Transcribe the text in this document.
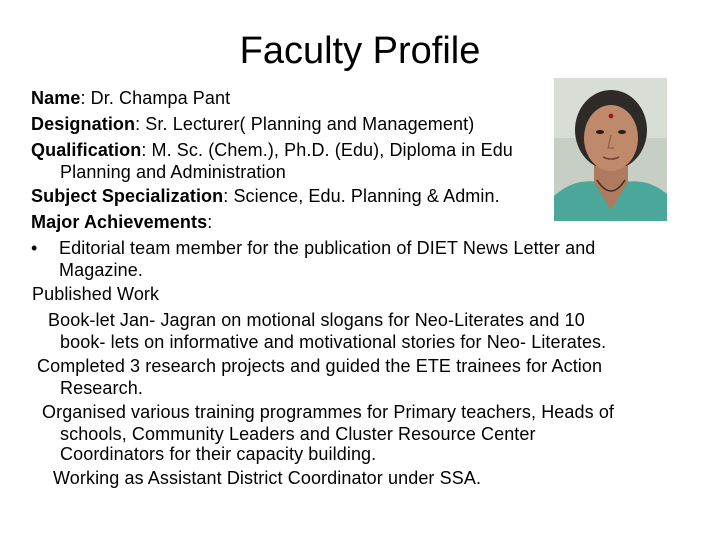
Faculty Profile

Name: Dr. Champa Pant

Designation: Sr. Lecturer( Planning and Management)

Qualification: M. Sc. (Chem.), Ph.D. (Edu), Diploma in Edu

Planning and Administration

Subject Specialization: Science, Edu. Planning & Admin.

Major Achievements:

• Editorial team member for the publication of DIET News Letter and

Magazine.

Published Work

Book-let Jan- Jagran on motional slogans for Neo-Literates and 10

book- lets on informative and motivational stories for Neo- Literates.

Completed 3 research projects and guided the ETE trainees for Action

Research.

Organised various training programmes for Primary teachers, Heads of

schools, Community Leaders and Cluster Resource Center

Coordinators for their capacity building.

Working as Assistant District Coordinator under SSA.
